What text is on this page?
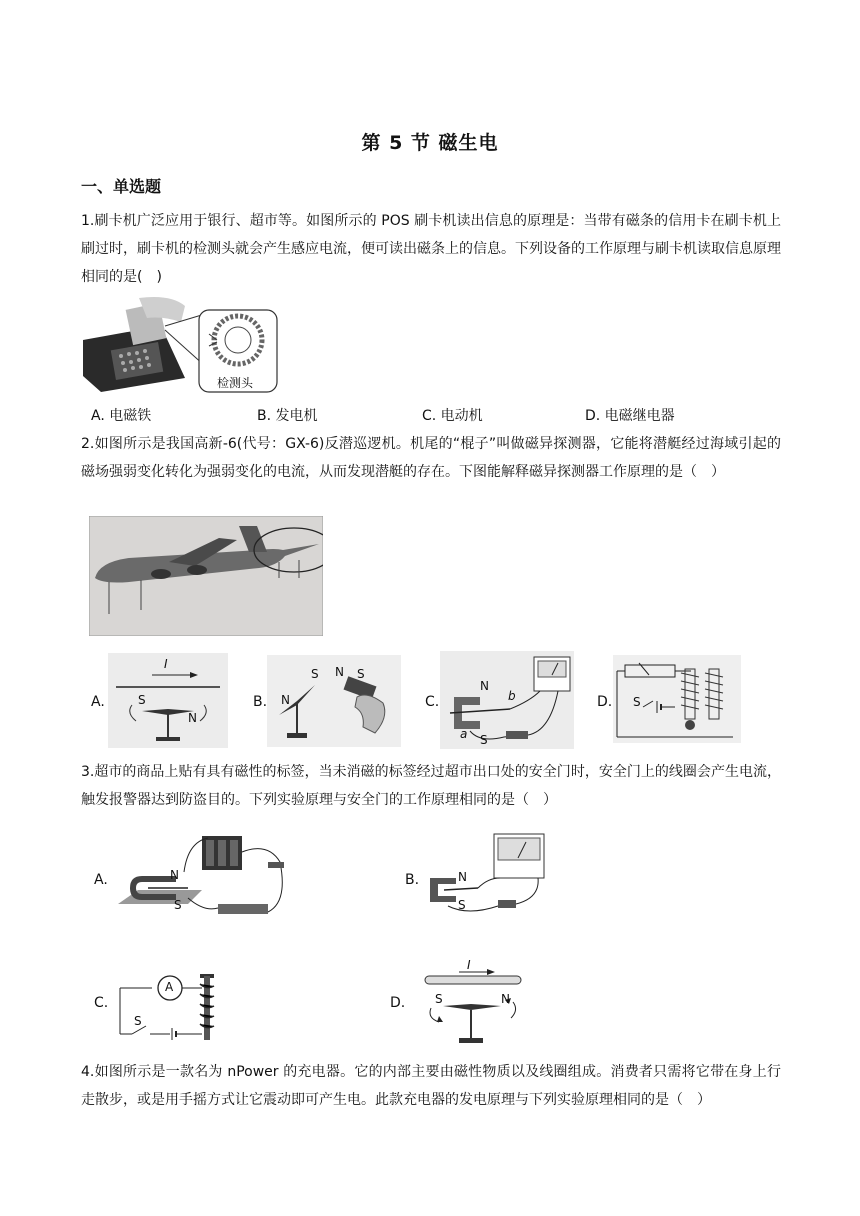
第 5 节 磁生电
一、单选题
1.刷卡机广泛应用于银行、超市等。如图所示的 POS 刷卡机读出信息的原理是：当带有磁条的信用卡在刷卡机上刷过时，刷卡机的检测头就会产生感应电流，便可读出磁条上的信息。下列设备的工作原理与刷卡机读取信息原理相同的是(　)
检测头
A. 电磁铁	B. 发电机	C. 电动机	D. 电磁继电器
2.如图所示是我国高新-6(代号：GX-6)反潜巡逻机。机尾的“棍子”叫做磁异探测器，它能将潜艇经过海域引起的磁场强弱变化转化为强弱变化的电流，从而发现潜艇的存在。下图能解释磁异探测器工作原理的是（　）
A.
I
S
N
B.
S
N
N S
C.
N
S
b
a
D. S
3.超市的商品上贴有具有磁性的标签，当未消磁的标签经过超市出口处的安全门时，安全门上的线圈会产生电流，触发报警器达到防盗目的。下列实验原理与安全门的工作原理相同的是（　）
A.	N
S
B.	N
S
C.
A
S
D.
I
S	N
4.如图所示是一款名为 nPower 的充电器。它的内部主要由磁性物质以及线圈组成。消费者只需将它带在身上行走散步，或是用手摇方式让它震动即可产生电。此款充电器的发电原理与下列实验原理相同的是（　）
